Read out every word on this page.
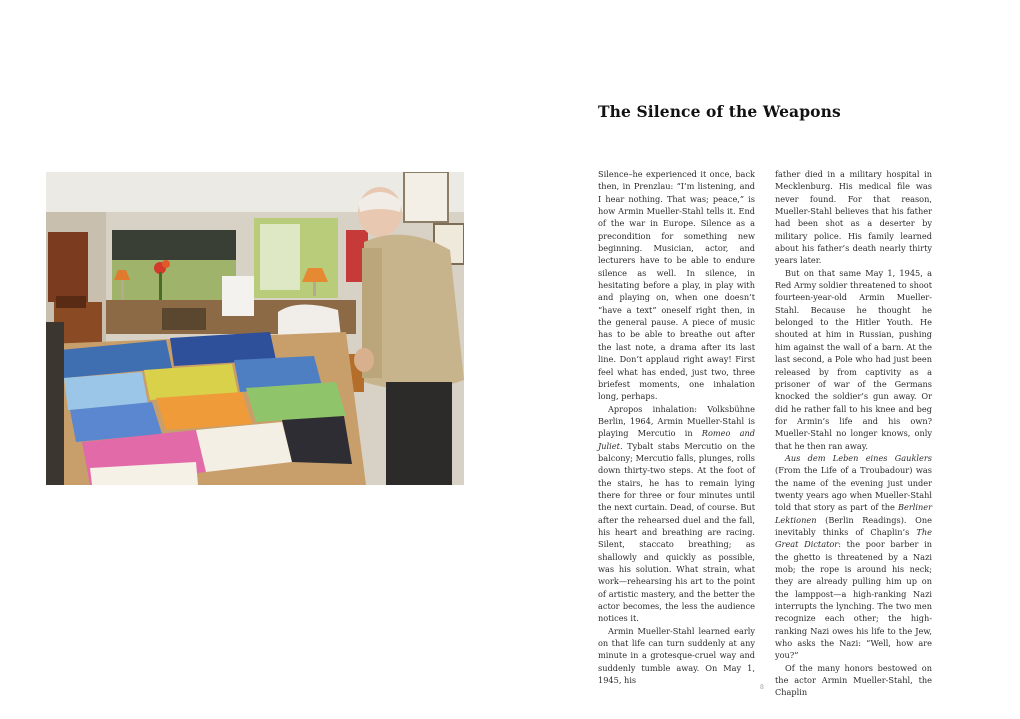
The Silence of the Weapons

Silence–he experienced it once, back then, in Prenzlau: “I’m listening, and I hear nothing. That was; peace,” is how Armin Mueller-Stahl tells it. End of the war in Europe. Silence as a precondition for something new beginning. Musician, actor, and lecturers have to be able to endure silence as well. In silence, in hesitating before a play, in play with and playing on, when one doesn’t “have a text” oneself right then, in the general pause. A piece of music has to be able to breathe out after the last note, a drama after its last line. Don’t applaud right away! First feel what has ended, just two, three briefest moments, one inhalation long, perhaps.

Apropos inhalation: Volksbühne Berlin, 1964, Armin Mueller-Stahl is playing Mercutio in Romeo and Juliet. Tybalt stabs Mercutio on the balcony; Mercutio falls, plunges, rolls down thirty-two steps. At the foot of the stairs, he has to remain lying there for three or four minutes until the next curtain. Dead, of course. But after the rehearsed duel and the fall, his heart and breathing are racing. Silent, staccato breathing; as shallowly and quickly as possible, was his solution. What strain, what work—rehearsing his art to the point of artistic mastery, and the better the actor becomes, the less the audience notices it.

Armin Mueller-Stahl learned early on that life can turn suddenly at any minute in a grotesque-cruel way and suddenly tumble away. On May 1, 1945, his

father died in a military hospital in Mecklenburg. His medical file was never found. For that reason, Mueller-Stahl believes that his father had been shot as a deserter by military police. His family learned about his father’s death nearly thirty years later.

But on that same May 1, 1945, a Red Army soldier threatened to shoot fourteen-year-old Armin Mueller-Stahl. Because he thought he belonged to the Hitler Youth. He shouted at him in Russian, pushing him against the wall of a barn. At the last second, a Pole who had just been released by from captivity as a prisoner of war of the Germans knocked the soldier’s gun away. Or did he rather fall to his knee and beg for Armin’s life and his own? Mueller-Stahl no longer knows, only that he then ran away.

Aus dem Leben eines Gauklers (From the Life of a Troubadour) was the name of the evening just under twenty years ago when Mueller-Stahl told that story as part of the Berliner Lektionen (Berlin Readings). One inevitably thinks of Chaplin’s The Great Dictator: the poor barber in the ghetto is threatened by a Nazi mob; the rope is around his neck; they are already pulling him up on the lamppost—a high-ranking Nazi interrupts the lynching. The two men recognize each other; the high-ranking Nazi owes his life to the Jew, who asks the Nazi: “Well, how are you?”

Of the many honors bestowed on the actor Armin Mueller-Stahl, the Chaplin

8
